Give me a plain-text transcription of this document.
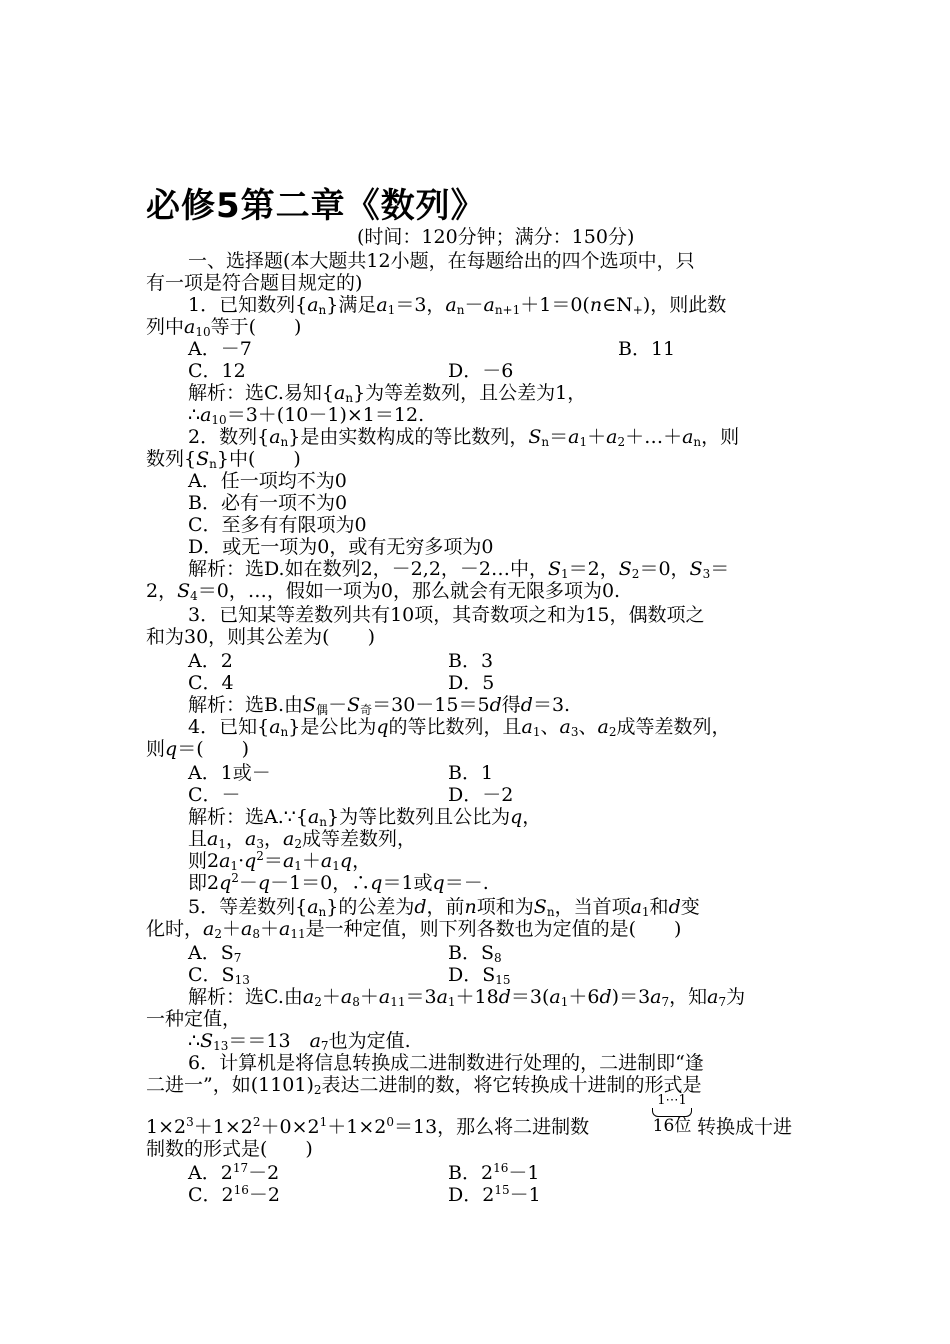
必修5第二章《数列》
(时间：120分钟；满分：150分)
一、选择题(本大题共12小题，在每题给出的四个选项中，只
有一项是符合题目规定的)
1．已知数列$\{a_n\}$满足$a_1=3$，$a_n-a_{n+1}+1=0(n\in N_+)$，则此数
列中$a_{10}$等于(　　)
A．－7	B．11
C．12	D．－6
解析：选C.易知$\{a_n\}$为等差数列，且公差为1，
$\therefore a_{10}=3+(10-1)\times 1=12$.
2．数列$\{a_n\}$是由实数构成的等比数列，$S_n=a_1+a_2+\dots+a_n$，则
数列$\{S_n\}$中(　　)
A．任一项均不为0
B．必有一项不为0
C．至多有有限项为0
D．或无一项为0，或有无穷多项为0
解析：选D.如在数列2，－2,2，－2…中，$S_1=2$，$S_2=0$，$S_3=$
2，$S_4=0$，…，假如一项为0，那么就会有无限多项为0.
3．已知某等差数列共有10项，其奇数项之和为15，偶数项之
和为30，则其公差为(　　)
A．2	B．3
C．4	D．5
解析：选B.由$S_偶-S_奇=30-15=5d$得d＝3.
4．已知$\{a_n\}$是公比为q的等比数列，且$a_1$、$a_3$、$a_2$成等差数列，
则q＝(　　)
A．1或－	B．1
C．－	D．－2
解析：选$A.\because\{a_n\}$为等比数列且公比为q，
且$a_1$，$a_3$，$a_2$成等差数列，
则$2a_1\cdot q^2=a_1+a_1q$，
即$2q^2-q-1=0$，∴q＝1或q＝－.
5．等差数列$\{a_n\}$的公差为d，前n项和为$S_n$，当首项$a_1$和d变
化时，$a_2+a_8+a_{11}$是一种定值，则下列各数也为定值的是(　　)
A．$S_7$	B．$S_8$
C．$S_{13}$	D．$S_{15}$
解析：选C.由$a_2+a_8+a_{11}=3a_1+18d=3(a_1+6d)=3a_7$，知$a_7$为
一种定值，
$\therefore S_{13}==13$　$a_7$也为定值.
6．计算机是将信息转换成二进制数进行处理的，二进制即“逢
二进一”，如$(1101)_2$表达二进制的数，将它转换成十进制的形式是
$1\times 2^3+1\times 2^2+0\times 2^1+1\times 2^0=13$，那么将二进制数
1⋯1
16位 转换成十进
制数的形式是(　　)
A．$2^{17}-2$	B．$2^{16}-1$
C．$2^{16}-2$	D．$2^{15}-1$
